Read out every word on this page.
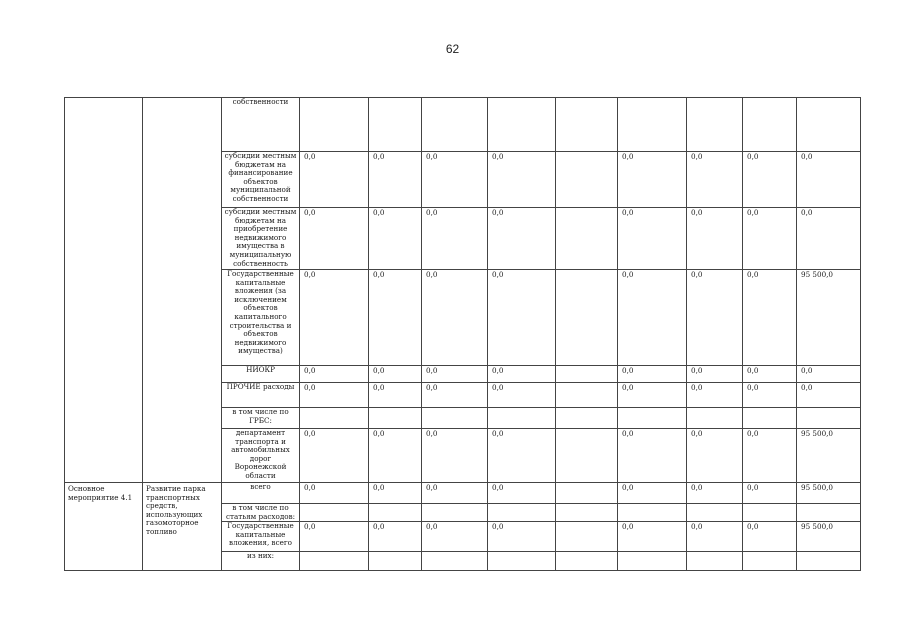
62
		собственности									
		субсидии местным бюджетам на финансирование объектов муниципальной собственности	0,0	0,0	0,0	0,0		0,0	0,0	0,0	0,0
		субсидии местным бюджетам на приобретение недвижимого имущества в муниципальную собственность	0,0	0,0	0,0	0,0		0,0	0,0	0,0	0,0
		Государственные капитальные вложения (за исключением объектов капитального строительства и объектов недвижимого имущества)	0,0	0,0	0,0	0,0		0,0	0,0	0,0	95 500,0
		НИОКР	0,0	0,0	0,0	0,0		0,0	0,0	0,0	0,0
		ПРОЧИЕ расходы	0,0	0,0	0,0	0,0		0,0	0,0	0,0	0,0
		в том числе по ГРБС:									
		департамент транспорта и автомобильных дорог Воронежской области	0,0	0,0	0,0	0,0		0,0	0,0	0,0	95 500,0
Основное мероприятие 4.1	Развитие парка транспортных средств, использующих газомоторное топливо	всего	0,0	0,0	0,0	0,0		0,0	0,0	0,0	95 500,0
		в том числе по статьям расходов:									
		Государственные капитальные вложения, всего	0,0	0,0	0,0	0,0		0,0	0,0	0,0	95 500,0
		из них:									
